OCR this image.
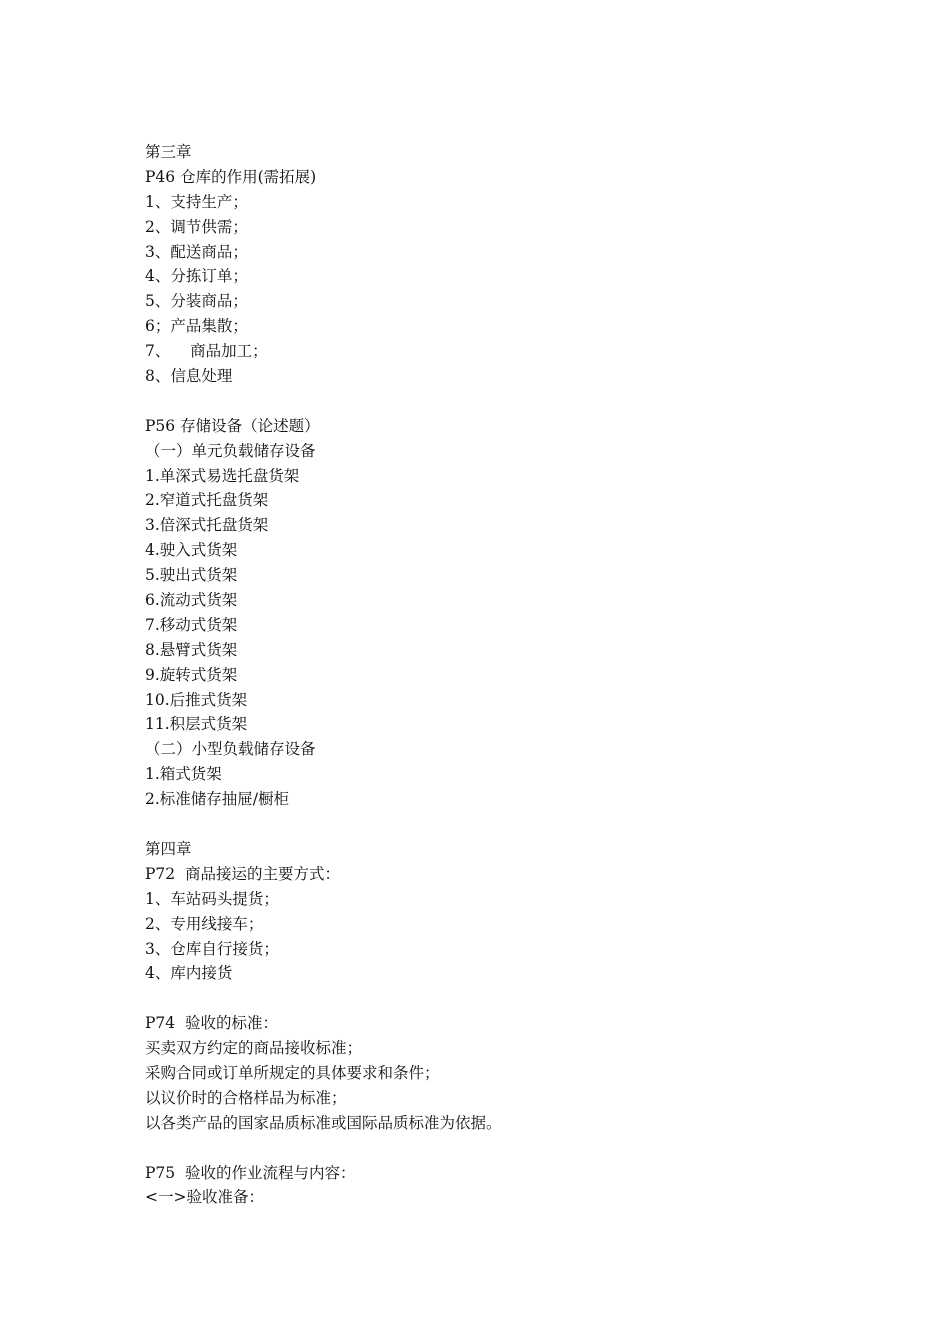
第三章
P46 仓库的作用(需拓展)
1、支持生产；
2、调节供需；
3、配送商品；
4、分拣订单；
5、分装商品；
6；产品集散；
7、    商品加工；
8、信息处理
P56 存储设备（论述题）
（一）单元负载储存设备
1.单深式易选托盘货架
2.窄道式托盘货架
3.倍深式托盘货架
4.驶入式货架
5.驶出式货架
6.流动式货架
7.移动式货架
8.悬臂式货架
9.旋转式货架
10.后推式货架
11.积层式货架
（二）小型负载储存设备
1.箱式货架
2.标准储存抽屉/橱柜
第四章
P72  商品接运的主要方式：
1、车站码头提货；
2、专用线接车；
3、仓库自行接货；
4、库内接货
P74  验收的标准：
买卖双方约定的商品接收标准；
采购合同或订单所规定的具体要求和条件；
以议价时的合格样品为标准；
以各类产品的国家品质标准或国际品质标准为依据。
P75  验收的作业流程与内容：
<一>验收准备：
